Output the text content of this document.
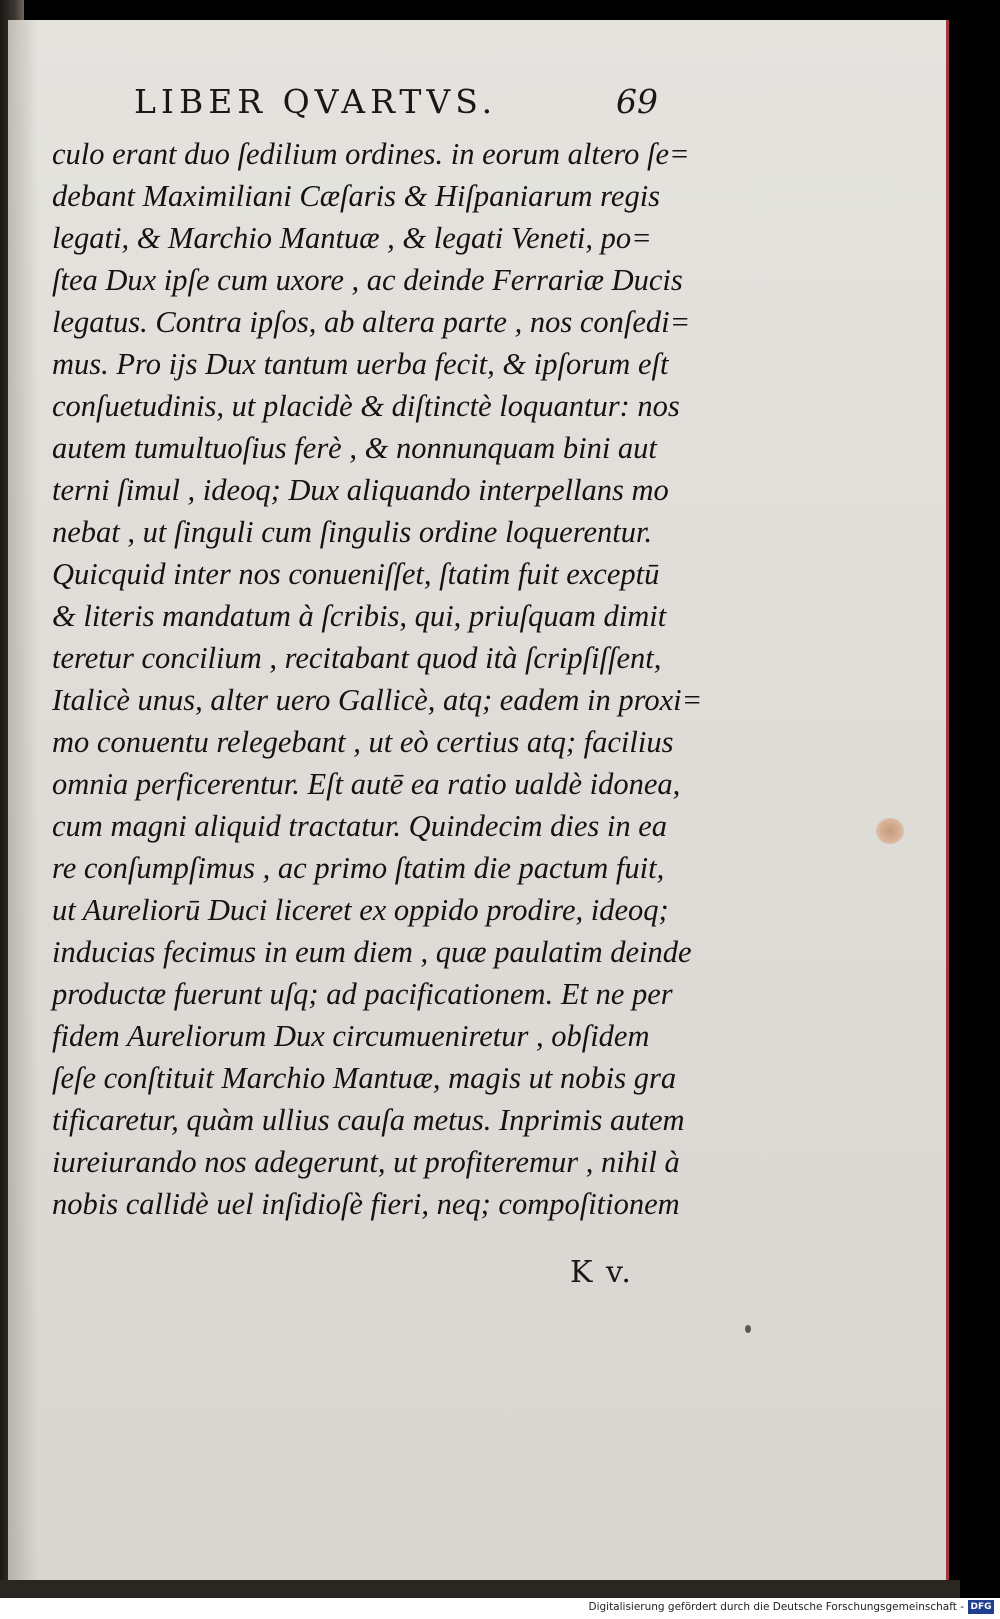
LIBER QVARTVS.	69
culo erant duo ſedilium ordines. in eorum altero ſe=
debant Maximiliani Cæſaris & Hiſpaniarum regis
legati, & Marchio Mantuæ , & legati Veneti, po=
ſtea Dux ipſe cum uxore , ac deinde Ferrariæ Ducis
legatus. Contra ipſos, ab altera parte , nos conſedi=
mus. Pro iјs Dux tantum uerba fecit, & ipſorum eſt
conſuetudinis, ut placidè & diſtinctè loquantur: nos
autem tumultuoſius ferè , & nonnunquam bini aut
terni ſimul , ideoq; Dux aliquando interpellans mo
nebat , ut ſinguli cum ſingulis ordine loquerentur.
Quicquid inter nos conueniſſet, ſtatim fuit exceptū
& literis mandatum à ſcribis, qui, priuſquam dimit
teretur concilium , recitabant quod ità ſcripſiſſent,
Italicè unus, alter uero Gallicè, atq; eadem in proxi=
mo conuentu relegebant , ut eò certius atq; facilius
omnia perficerentur. Eſt autē ea ratio ualdè idonea,
cum magni aliquid tractatur. Quindecim dies in ea
re conſumpſimus , ac primo ſtatim die pactum fuit,
ut Aureliorū Duci liceret ex oppido prodire, ideoq;
inducias fecimus in eum diem , quæ paulatim deinde
productæ fuerunt uſq; ad pacificationem. Et ne per
fidem Aureliorum Dux circumueniretur , obſidem
ſeſe conſtituit Marchio Mantuæ, magis ut nobis gra
tificaretur, quàm ullius cauſa metus. Inprimis autem
iureiurando nos adegerunt, ut profiteremur , nihil à
nobis callidè uel inſidioſè fieri, neq; compoſitionem
K v.
Digitalisierung gefördert durch die Deutsche Forschungsgemeinschaft - DFG
